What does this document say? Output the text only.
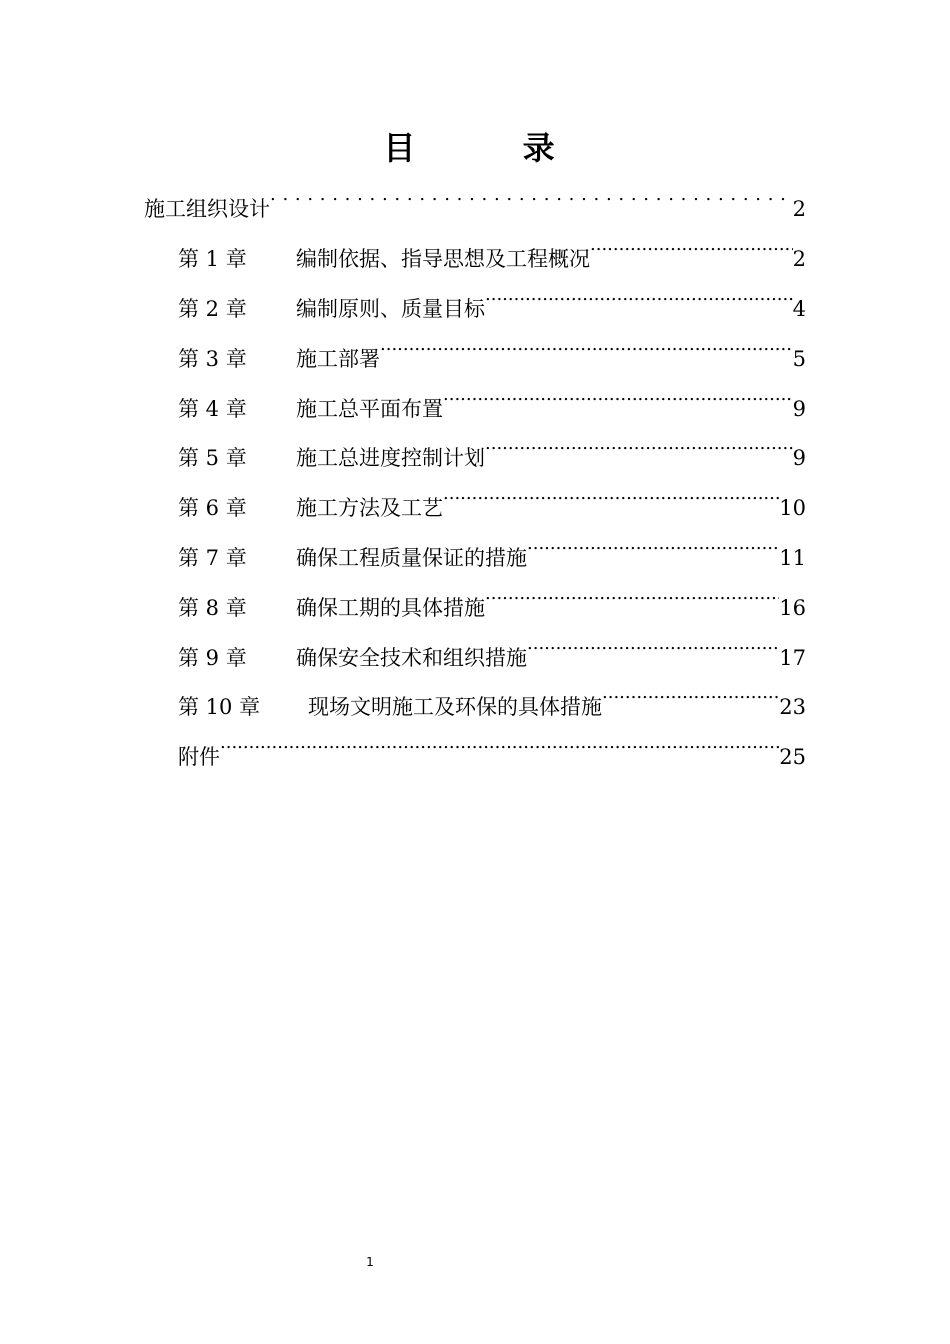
目 录
施工组织设计 . . .	2
第 1 章	编制依据、指导思想及工程概况 .....	2
第 2 章	编制原则、质量目标 .....	4
第 3 章	施工部署 .....	5
第 4 章	施工总平面布置 .....	9
第 5 章	施工总进度控制计划 .....	9
第 6 章	施工方法及工艺 .....	10
第 7 章	确保工程质量保证的措施 .....	11
第 8 章	确保工期的具体措施 .....	16
第 9 章	确保安全技术和组织措施 .....	17
第 10 章	现场文明施工及环保的具体措施 .....	23
附件 .....	25
1
